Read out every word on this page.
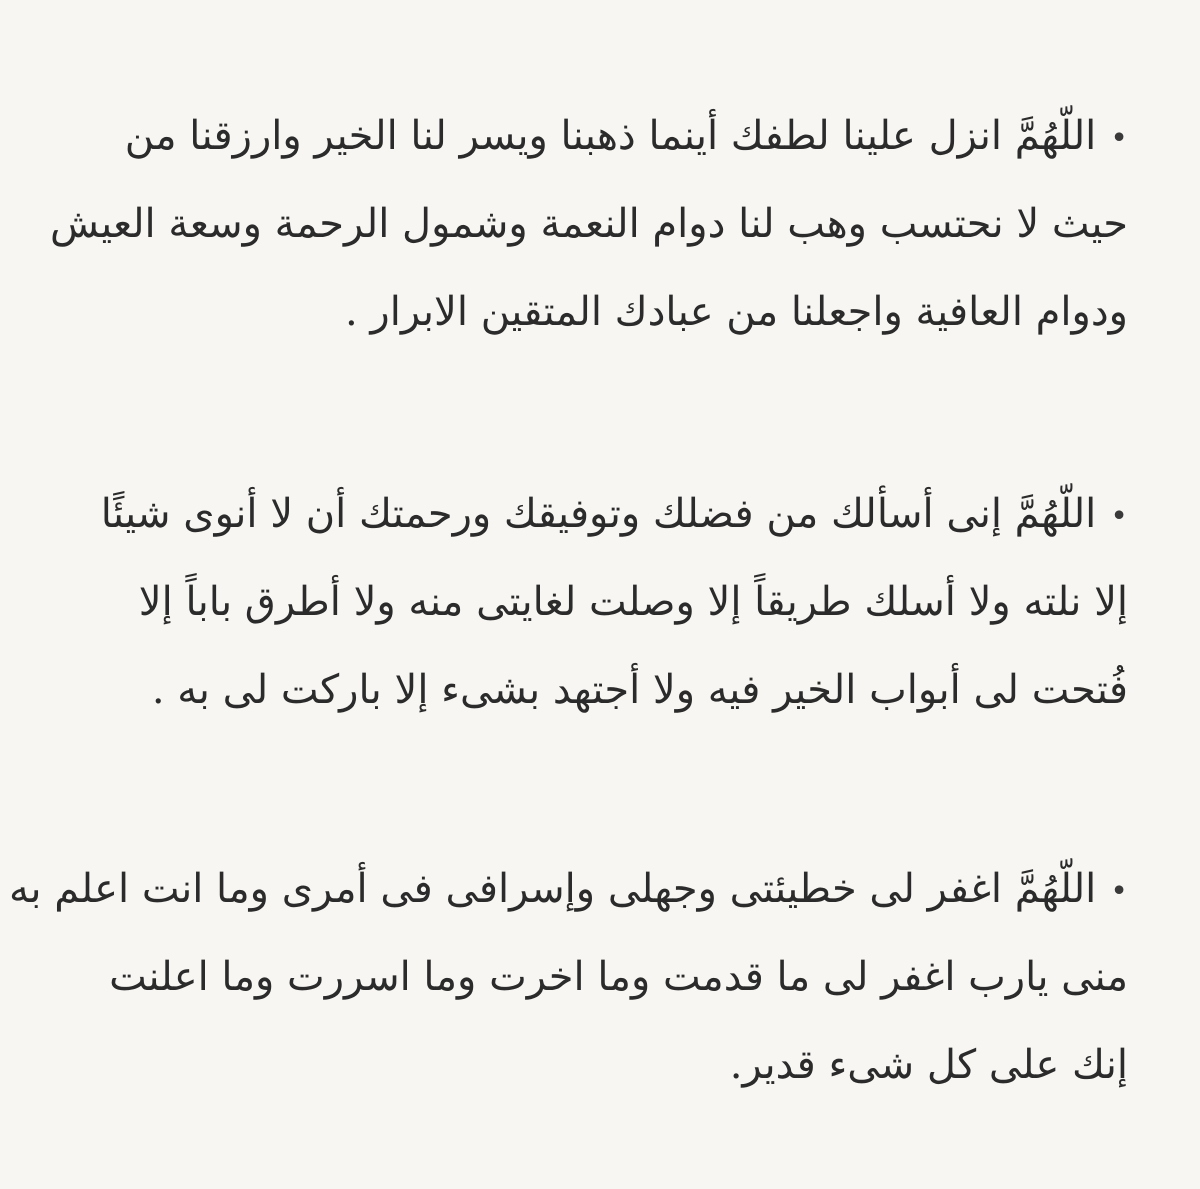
•اللّهُمَّ انزل علينا لطفك أينما ذهبنا ويسر لنا الخير وارزقنا من
حيث لا نحتسب وهب لنا دوام النعمة وشمول الرحمة وسعة العيش
ودوام العافية واجعلنا من عبادك المتقين الابرار .
•اللّهُمَّ إنى أسألك من فضلك وتوفيقك ورحمتك أن لا أنوى شيئًا
إلا نلته ولا أسلك طريقاً إلا وصلت لغايتى منه ولا أطرق باباً إلا
فُتحت لى أبواب الخير فيه ولا أجتهد بشىء إلا باركت لى به .
•اللّهُمَّ اغفر لى خطيئتى وجهلى وإسرافى فى أمرى وما انت اعلم به
منى يارب اغفر لى ما قدمت وما اخرت وما اسررت وما اعلنت
إنك على كل شىء قدير.
